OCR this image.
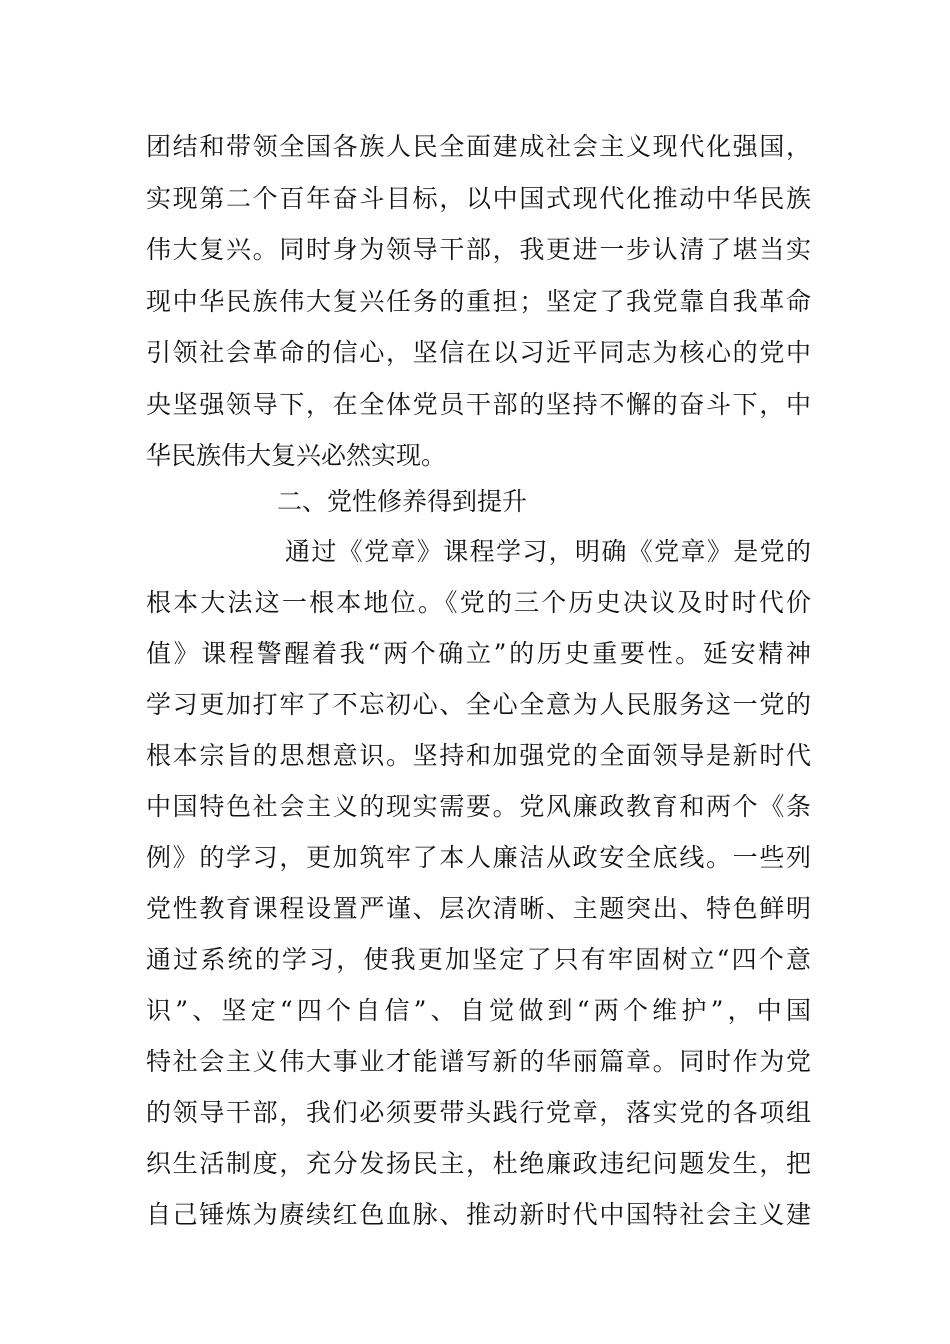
团结和带领全国各族人民全面建成社会主义现代化强国，
实现第二个百年奋斗目标，以中国式现代化推动中华民族
伟大复兴。同时身为领导干部，我更进一步认清了堪当实
现中华民族伟大复兴任务的重担；坚定了我党靠自我革命
引领社会革命的信心，坚信在以习近平同志为核心的党中
央坚强领导下，在全体党员干部的坚持不懈的奋斗下，中
华民族伟大复兴必然实现。
二、党性修养得到提升
通过《党章》课程学习，明确《党章》是党的
根本大法这一根本地位。《党的三个历史决议及时时代价
值》课程警醒着我“两个确立”的历史重要性。延安精神
学习更加打牢了不忘初心、全心全意为人民服务这一党的
根本宗旨的思想意识。坚持和加强党的全面领导是新时代
中国特色社会主义的现实需要。党风廉政教育和两个《条
例》的学习，更加筑牢了本人廉洁从政安全底线。一些列
党性教育课程设置严谨、层次清晰、主题突出、特色鲜明
通过系统的学习，使我更加坚定了只有牢固树立“四个意
识”、坚定“四个自信”、自觉做到“两个维护”，中国
特社会主义伟大事业才能谱写新的华丽篇章。同时作为党
的领导干部，我们必须要带头践行党章，落实党的各项组
织生活制度，充分发扬民主，杜绝廉政违纪问题发生，把
自己锤炼为赓续红色血脉、推动新时代中国特社会主义建
